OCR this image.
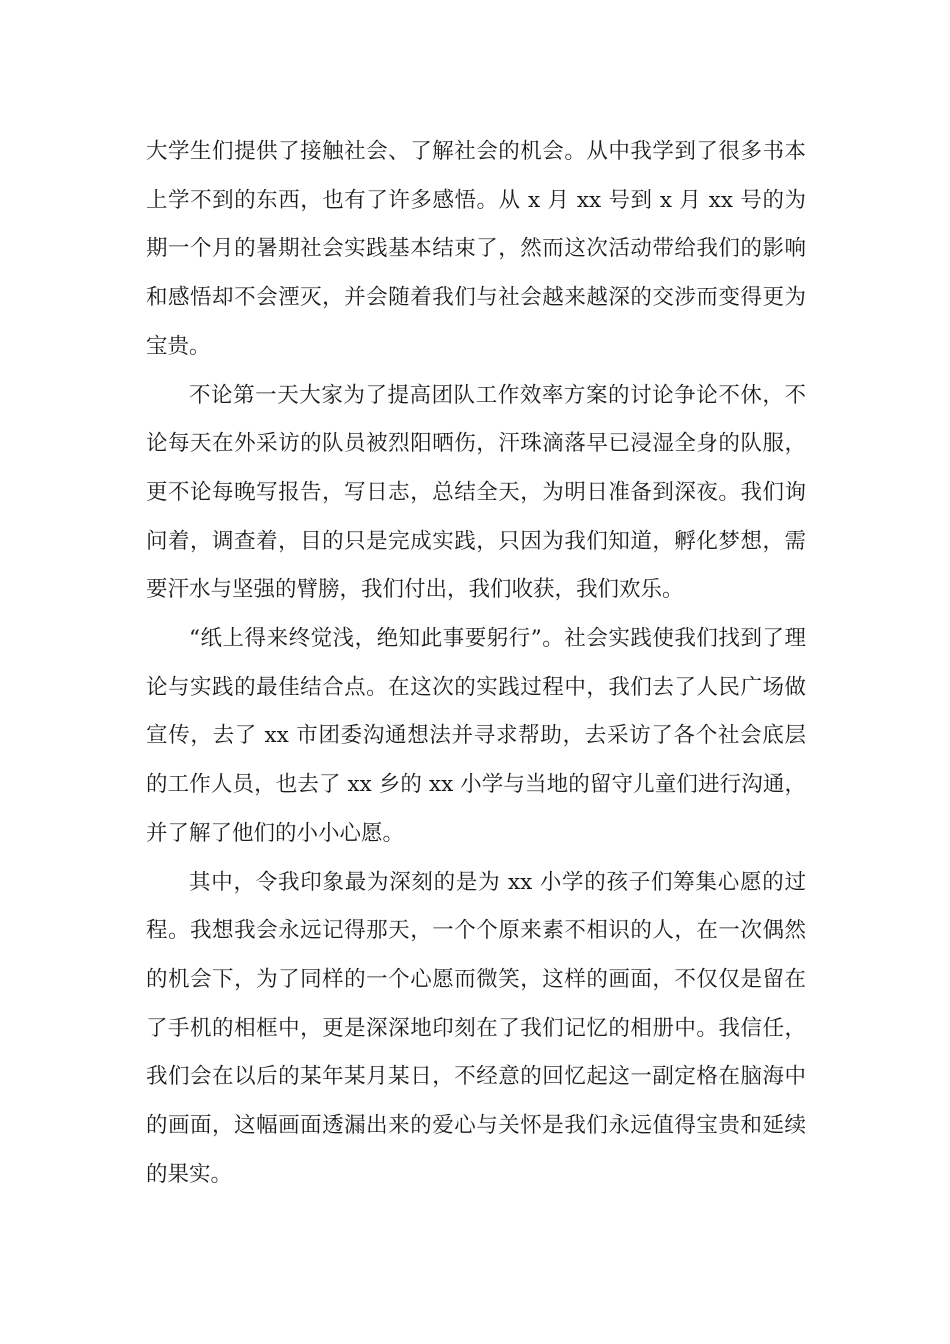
大学生们提供了接触社会、了解社会的机会。从中我学到了很多书本上学不到的东西，也有了许多感悟。从 x 月 xx 号到 x 月 xx 号的为期一个月的暑期社会实践基本结束了，然而这次活动带给我们的影响和感悟却不会湮灭，并会随着我们与社会越来越深的交涉而变得更为宝贵。

不论第一天大家为了提高团队工作效率方案的讨论争论不休，不论每天在外采访的队员被烈阳晒伤，汗珠滴落早已浸湿全身的队服，更不论每晚写报告，写日志，总结全天，为明日准备到深夜。我们询问着，调查着，目的只是完成实践，只因为我们知道，孵化梦想，需要汗水与坚强的臂膀，我们付出，我们收获，我们欢乐。

“纸上得来终觉浅，绝知此事要躬行”。社会实践使我们找到了理论与实践的最佳结合点。在这次的实践过程中，我们去了人民广场做宣传，去了 xx 市团委沟通想法并寻求帮助，去采访了各个社会底层的工作人员，也去了 xx 乡的 xx 小学与当地的留守儿童们进行沟通，并了解了他们的小小心愿。

其中，令我印象最为深刻的是为 xx 小学的孩子们筹集心愿的过程。我想我会永远记得那天，一个个原来素不相识的人，在一次偶然的机会下，为了同样的一个心愿而微笑，这样的画面，不仅仅是留在了手机的相框中，更是深深地印刻在了我们记忆的相册中。我信任，我们会在以后的某年某月某日，不经意的回忆起这一副定格在脑海中的画面，这幅画面透漏出来的爱心与关怀是我们永远值得宝贵和延续的果实。
